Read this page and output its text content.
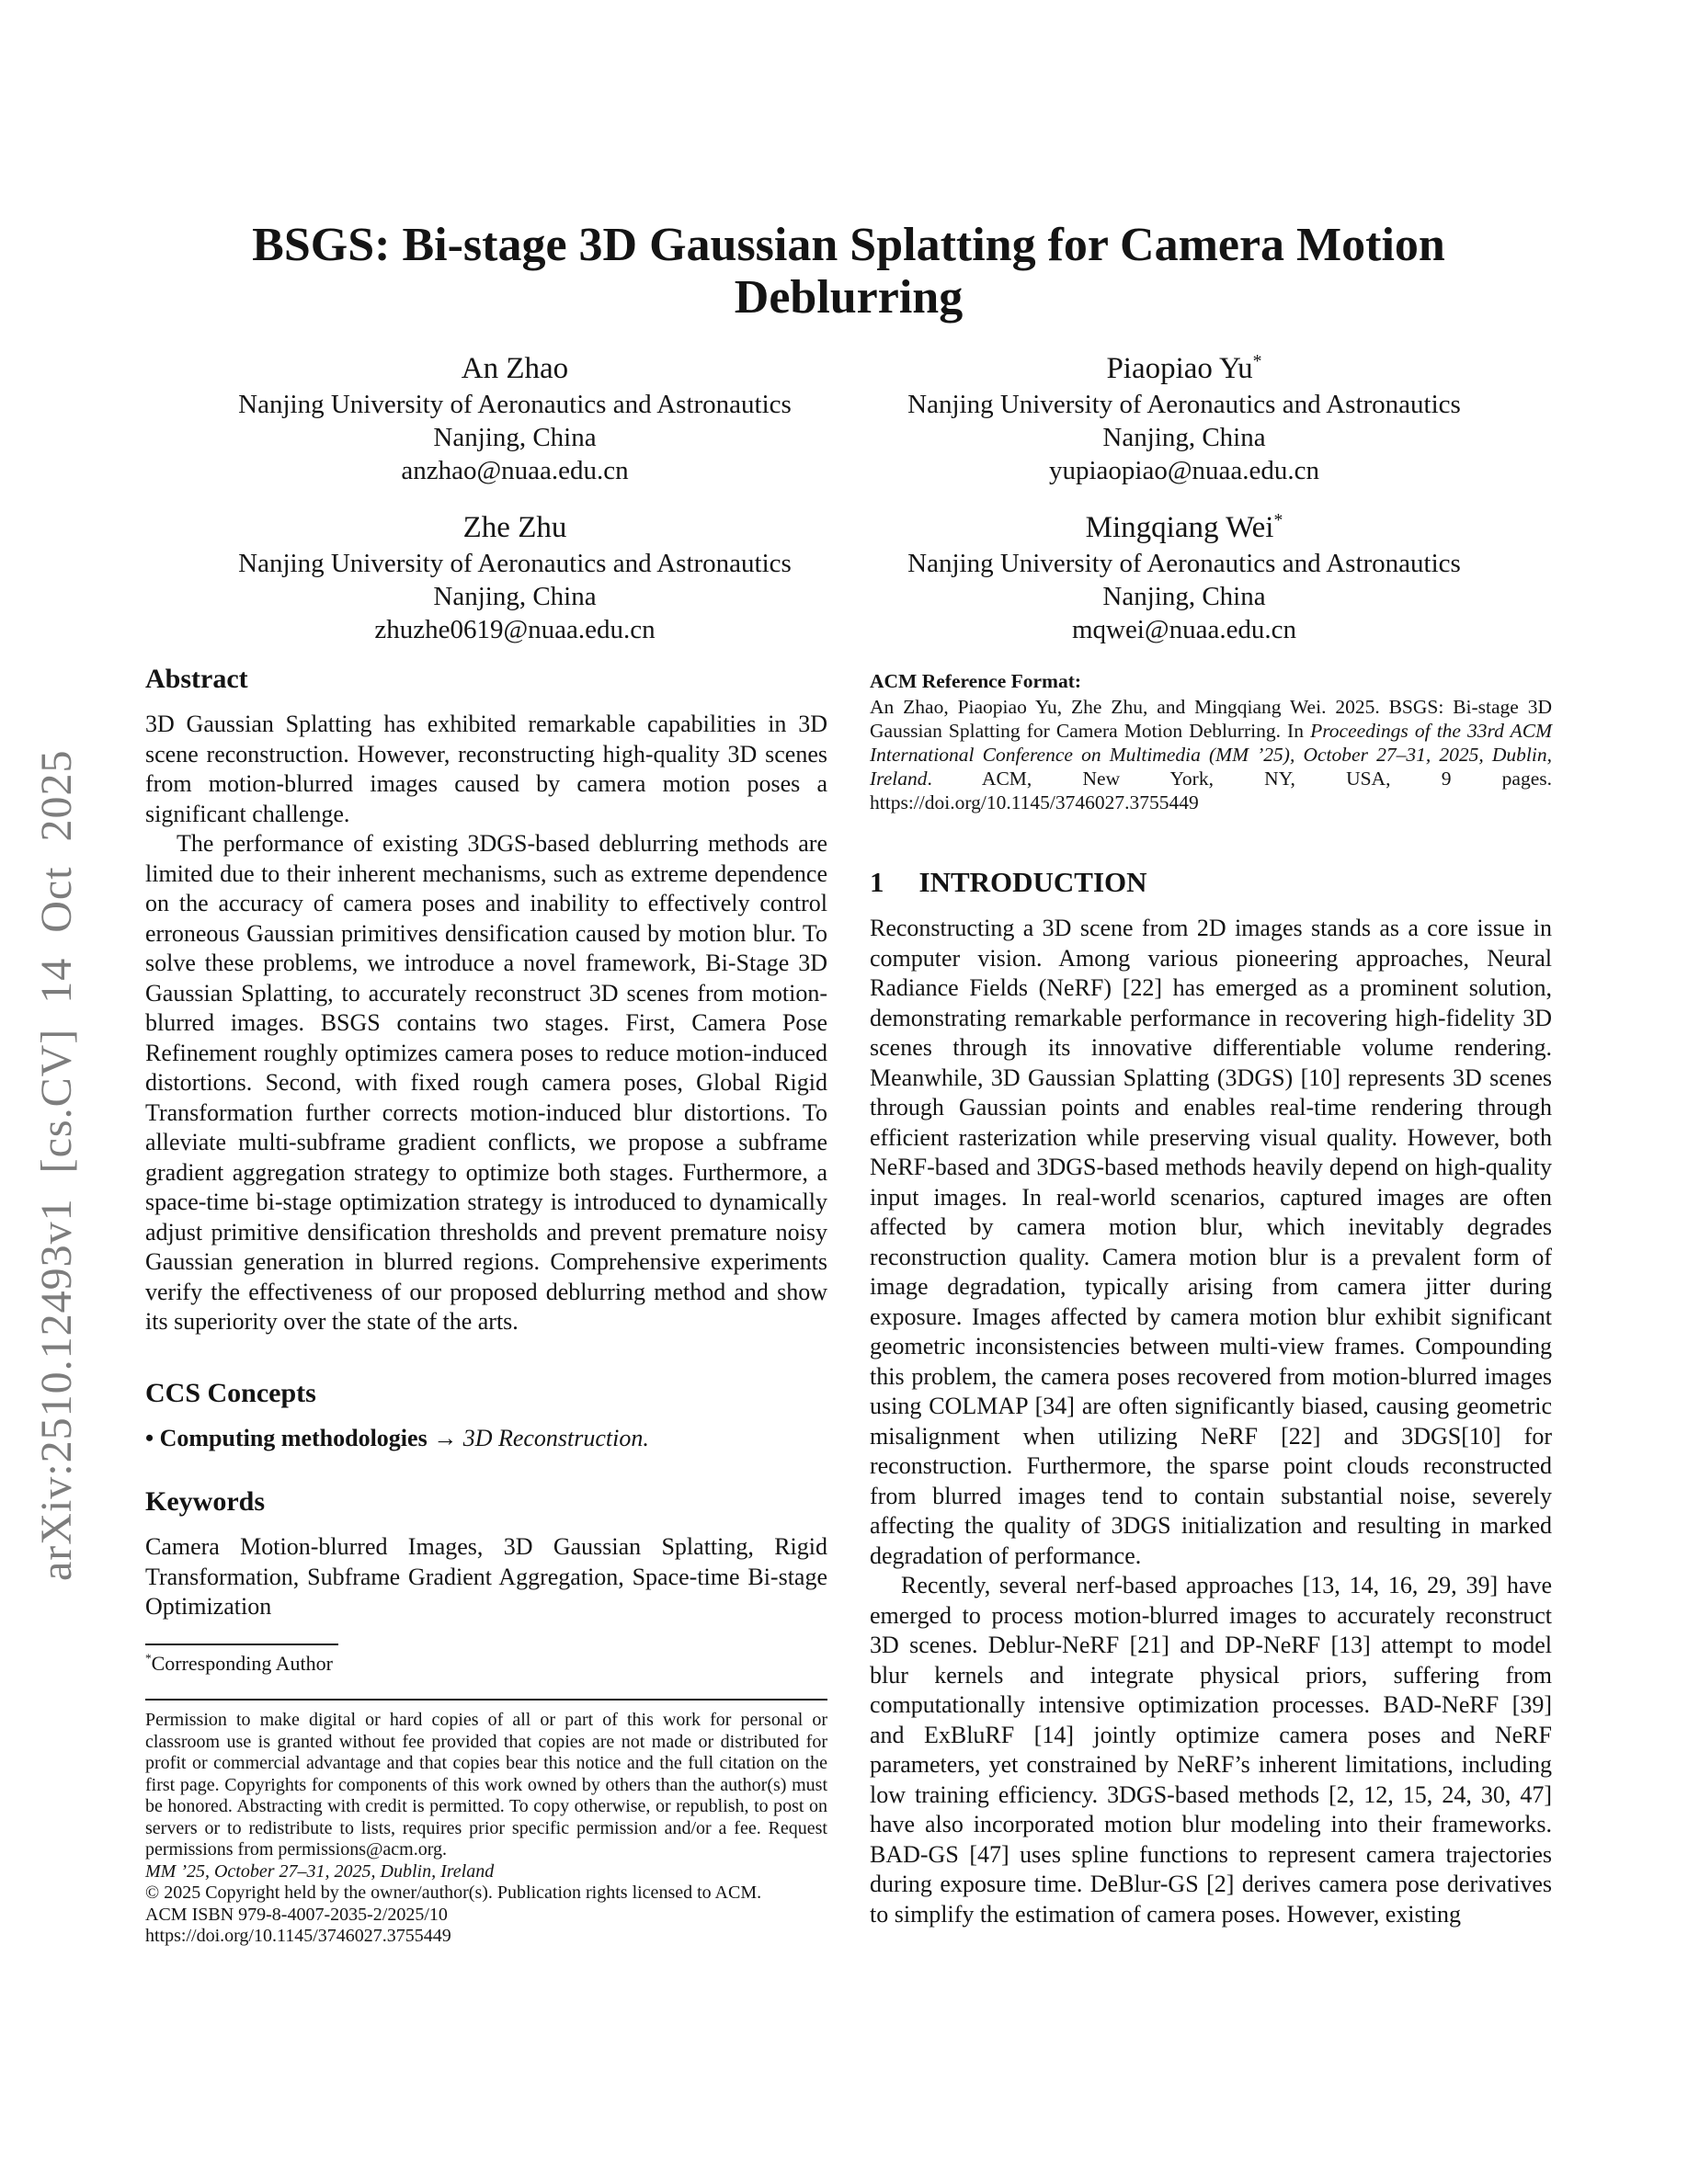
arXiv:2510.12493v1 [cs.CV] 14 Oct 2025
BSGS: Bi-stage 3D Gaussian Splatting for Camera Motion
Deblurring
An Zhao
Nanjing University of Aeronautics and Astronautics
Nanjing, China
anzhao@nuaa.edu.cn
Piaopiao Yu*
Nanjing University of Aeronautics and Astronautics
Nanjing, China
yupiaopiao@nuaa.edu.cn
Zhe Zhu
Nanjing University of Aeronautics and Astronautics
Nanjing, China
zhuzhe0619@nuaa.edu.cn
Mingqiang Wei*
Nanjing University of Aeronautics and Astronautics
Nanjing, China
mqwei@nuaa.edu.cn
Abstract

3D Gaussian Splatting has exhibited remarkable capabilities in 3D scene reconstruction. However, reconstructing high-quality 3D scenes from motion-blurred images caused by camera motion poses a significant challenge.

The performance of existing 3DGS-based deblurring methods are limited due to their inherent mechanisms, such as extreme dependence on the accuracy of camera poses and inability to effectively control erroneous Gaussian primitives densification caused by motion blur. To solve these problems, we introduce a novel framework, Bi-Stage 3D Gaussian Splatting, to accurately reconstruct 3D scenes from motion-blurred images. BSGS contains two stages. First, Camera Pose Refinement roughly optimizes camera poses to reduce motion-induced distortions. Second, with fixed rough camera poses, Global Rigid Transformation further corrects motion-induced blur distortions. To alleviate multi-subframe gradient conflicts, we propose a subframe gradient aggregation strategy to optimize both stages. Furthermore, a space-time bi-stage optimization strategy is introduced to dynamically adjust primitive densification thresholds and prevent premature noisy Gaussian generation in blurred regions. Comprehensive experiments verify the effectiveness of our proposed deblurring method and show its superiority over the state of the arts.

CCS Concepts

• Computing methodologies → 3D Reconstruction.

Keywords

Camera Motion-blurred Images, 3D Gaussian Splatting, Rigid Transformation, Subframe Gradient Aggregation, Space-time Bi-stage Optimization

*Corresponding Author

Permission to make digital or hard copies of all or part of this work for personal or classroom use is granted without fee provided that copies are not made or distributed for profit or commercial advantage and that copies bear this notice and the full citation on the first page. Copyrights for components of this work owned by others than the author(s) must be honored. Abstracting with credit is permitted. To copy otherwise, or republish, to post on servers or to redistribute to lists, requires prior specific permission and/or a fee. Request permissions from permissions@acm.org.

MM ’25, October 27–31, 2025, Dublin, Ireland

© 2025 Copyright held by the owner/author(s). Publication rights licensed to ACM.

ACM ISBN 979-8-4007-2035-2/2025/10

https://doi.org/10.1145/3746027.3755449

ACM Reference Format:

An Zhao, Piaopiao Yu, Zhe Zhu, and Mingqiang Wei. 2025. BSGS: Bi-stage 3D Gaussian Splatting for Camera Motion Deblurring. In Proceedings of the 33rd ACM International Conference on Multimedia (MM ’25), October 27–31, 2025, Dublin, Ireland. ACM, New York, NY, USA, 9 pages. https://doi.org/10.1145/3746027.3755449

1 INTRODUCTION

Reconstructing a 3D scene from 2D images stands as a core issue in computer vision. Among various pioneering approaches, Neural Radiance Fields (NeRF) [22] has emerged as a prominent solution, demonstrating remarkable performance in recovering high-fidelity 3D scenes through its innovative differentiable volume rendering. Meanwhile, 3D Gaussian Splatting (3DGS) [10] represents 3D scenes through Gaussian points and enables real-time rendering through efficient rasterization while preserving visual quality. However, both NeRF-based and 3DGS-based methods heavily depend on high-quality input images. In real-world scenarios, captured images are often affected by camera motion blur, which inevitably degrades reconstruction quality. Camera motion blur is a prevalent form of image degradation, typically arising from camera jitter during exposure. Images affected by camera motion blur exhibit significant geometric inconsistencies between multi-view frames. Compounding this problem, the camera poses recovered from motion-blurred images using COLMAP [34] are often significantly biased, causing geometric misalignment when utilizing NeRF [22] and 3DGS[10] for reconstruction. Furthermore, the sparse point clouds reconstructed from blurred images tend to contain substantial noise, severely affecting the quality of 3DGS initialization and resulting in marked degradation of performance.

Recently, several nerf-based approaches [13, 14, 16, 29, 39] have emerged to process motion-blurred images to accurately reconstruct 3D scenes. Deblur-NeRF [21] and DP-NeRF [13] attempt to model blur kernels and integrate physical priors, suffering from computationally intensive optimization processes. BAD-NeRF [39] and ExBluRF [14] jointly optimize camera poses and NeRF parameters, yet constrained by NeRF’s inherent limitations, including low training efficiency. 3DGS-based methods [2, 12, 15, 24, 30, 47] have also incorporated motion blur modeling into their frameworks. BAD-GS [47] uses spline functions to represent camera trajectories during exposure time. DeBlur-GS [2] derives camera pose derivatives to simplify the estimation of camera poses. However, existing
